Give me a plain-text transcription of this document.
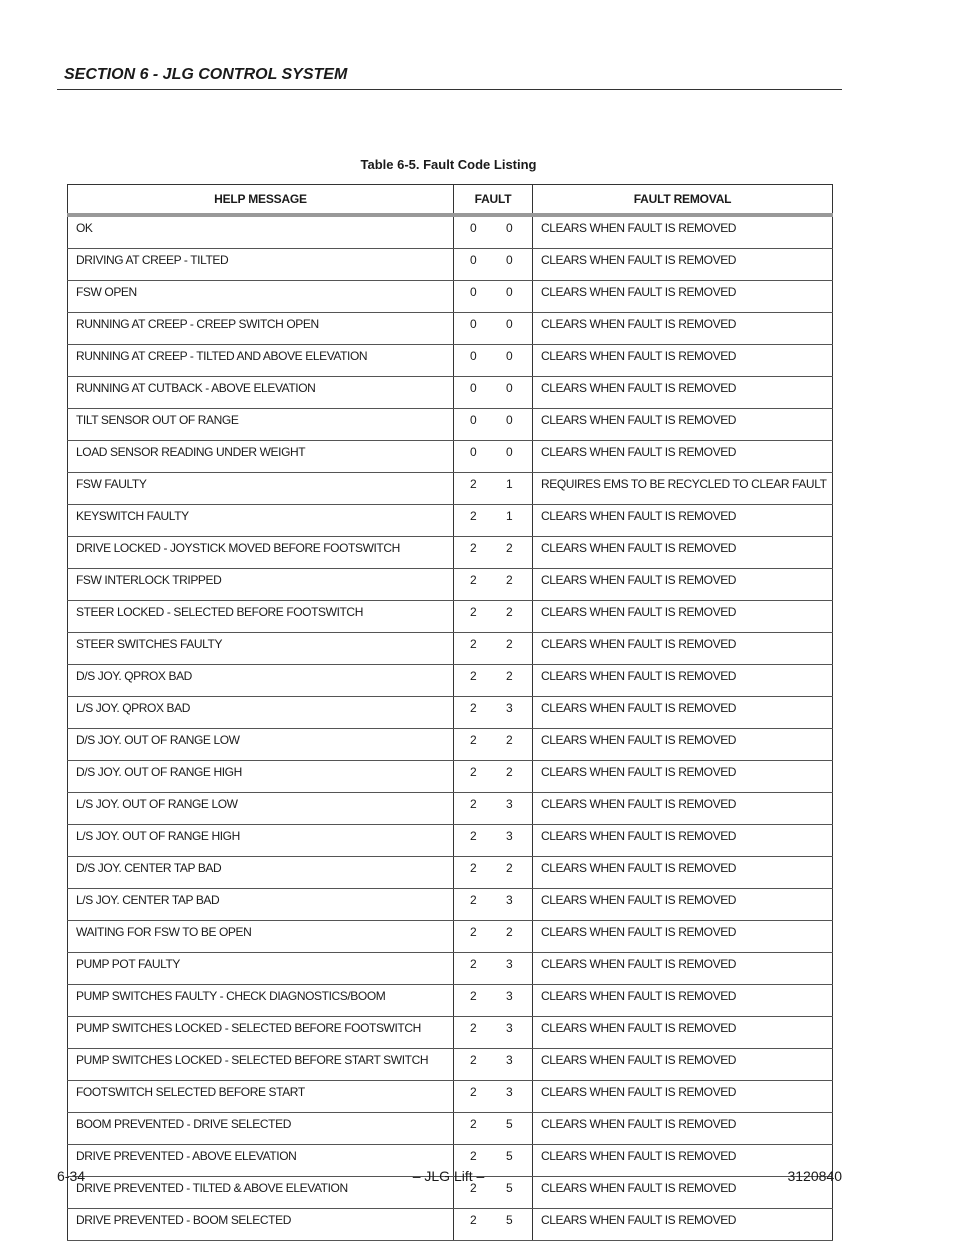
SECTION 6 - JLG CONTROL SYSTEM
Table 6-5. Fault Code Listing
HELP MESSAGE	FAULT	FAULT REMOVAL
OK	0 0	CLEARS WHEN FAULT IS REMOVED
DRIVING AT CREEP - TILTED	0 0	CLEARS WHEN FAULT IS REMOVED
FSW OPEN	0 0	CLEARS WHEN FAULT IS REMOVED
RUNNING AT CREEP - CREEP SWITCH OPEN	0 0	CLEARS WHEN FAULT IS REMOVED
RUNNING AT CREEP - TILTED AND ABOVE ELEVATION	0 0	CLEARS WHEN FAULT IS REMOVED
RUNNING AT CUTBACK - ABOVE ELEVATION	0 0	CLEARS WHEN FAULT IS REMOVED
TILT SENSOR OUT OF RANGE	0 0	CLEARS WHEN FAULT IS REMOVED
LOAD SENSOR READING UNDER WEIGHT	0 0	CLEARS WHEN FAULT IS REMOVED
FSW FAULTY	2 1	REQUIRES EMS TO BE RECYCLED TO CLEAR FAULT
KEYSWITCH FAULTY	2 1	CLEARS WHEN FAULT IS REMOVED
DRIVE LOCKED - JOYSTICK MOVED BEFORE FOOTSWITCH	2 2	CLEARS WHEN FAULT IS REMOVED
FSW INTERLOCK TRIPPED	2 2	CLEARS WHEN FAULT IS REMOVED
STEER LOCKED - SELECTED BEFORE FOOTSWITCH	2 2	CLEARS WHEN FAULT IS REMOVED
STEER SWITCHES FAULTY	2 2	CLEARS WHEN FAULT IS REMOVED
D/S JOY. QPROX BAD	2 2	CLEARS WHEN FAULT IS REMOVED
L/S JOY. QPROX BAD	2 3	CLEARS WHEN FAULT IS REMOVED
D/S JOY. OUT OF RANGE LOW	2 2	CLEARS WHEN FAULT IS REMOVED
D/S JOY. OUT OF RANGE HIGH	2 2	CLEARS WHEN FAULT IS REMOVED
L/S JOY. OUT OF RANGE LOW	2 3	CLEARS WHEN FAULT IS REMOVED
L/S JOY. OUT OF RANGE HIGH	2 3	CLEARS WHEN FAULT IS REMOVED
D/S JOY. CENTER TAP BAD	2 2	CLEARS WHEN FAULT IS REMOVED
L/S JOY. CENTER TAP BAD	2 3	CLEARS WHEN FAULT IS REMOVED
WAITING FOR FSW TO BE OPEN	2 2	CLEARS WHEN FAULT IS REMOVED
PUMP POT FAULTY	2 3	CLEARS WHEN FAULT IS REMOVED
PUMP SWITCHES FAULTY - CHECK DIAGNOSTICS/BOOM	2 3	CLEARS WHEN FAULT IS REMOVED
PUMP SWITCHES LOCKED - SELECTED BEFORE FOOTSWITCH	2 3	CLEARS WHEN FAULT IS REMOVED
PUMP SWITCHES LOCKED - SELECTED BEFORE START SWITCH	2 3	CLEARS WHEN FAULT IS REMOVED
FOOTSWITCH SELECTED BEFORE START	2 3	CLEARS WHEN FAULT IS REMOVED
BOOM PREVENTED - DRIVE SELECTED	2 5	CLEARS WHEN FAULT IS REMOVED
DRIVE PREVENTED - ABOVE ELEVATION	2 5	CLEARS WHEN FAULT IS REMOVED
DRIVE PREVENTED - TILTED & ABOVE ELEVATION	2 5	CLEARS WHEN FAULT IS REMOVED
DRIVE PREVENTED - BOOM SELECTED	2 5	CLEARS WHEN FAULT IS REMOVED
6-34	– JLG Lift –	3120840
